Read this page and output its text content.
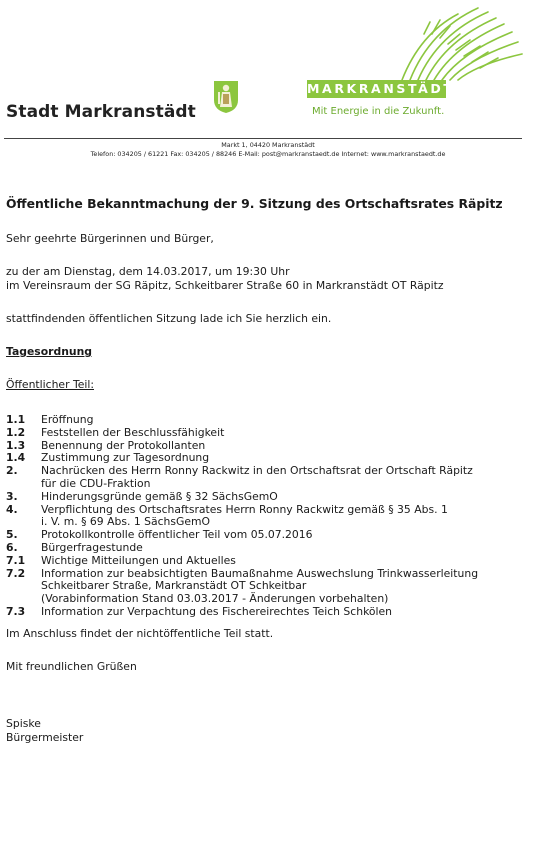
Stadt Markranstädt
MARKRANSTÄDT
Mit Energie in die Zukunft.
Markt 1, 04420 Markranstädt
Telefon: 034205 / 61221 Fax: 034205 / 88246 E-Mail: post@markranstaedt.de Internet: www.markranstaedt.de
Öffentliche Bekanntmachung der 9. Sitzung des Ortschaftsrates Räpitz

Sehr geehrte Bürgerinnen und Bürger,

zu der am Dienstag, dem 14.03.2017, um 19:30 Uhr

im Vereinsraum der SG Räpitz, Schkeitbarer Straße 60 in Markranstädt OT Räpitz

stattfindenden öffentlichen Sitzung lade ich Sie herzlich ein.

Tagesordnung

Öffentlicher Teil:

1.1	Eröffnung
1.2	Feststellen der Beschlussfähigkeit
1.3	Benennung der Protokollanten
1.4	Zustimmung zur Tagesordnung
2.	Nachrücken des Herrn Ronny Rackwitz in den Ortschaftsrat der Ortschaft Räpitz
für die CDU-Fraktion
3.	Hinderungsgründe gemäß § 32 SächsGemO
4.	Verpflichtung des Ortschaftsrates Herrn Ronny Rackwitz gemäß § 35 Abs. 1
i. V. m. § 69 Abs. 1 SächsGemO
5.	Protokollkontrolle öffentlicher Teil vom 05.07.2016
6.	Bürgerfragestunde
7.1	Wichtige Mitteilungen und Aktuelles
7.2	Information zur beabsichtigten Baumaßnahme Auswechslung Trinkwasserleitung
Schkeitbarer Straße, Markranstädt OT Schkeitbar
(Vorabinformation Stand 03.03.2017 - Änderungen vorbehalten)
7.3	Information zur Verpachtung des Fischereirechtes Teich Schkölen

Im Anschluss findet der nichtöffentliche Teil statt.

Mit freundlichen Grüßen

Spiske

Bürgermeister
